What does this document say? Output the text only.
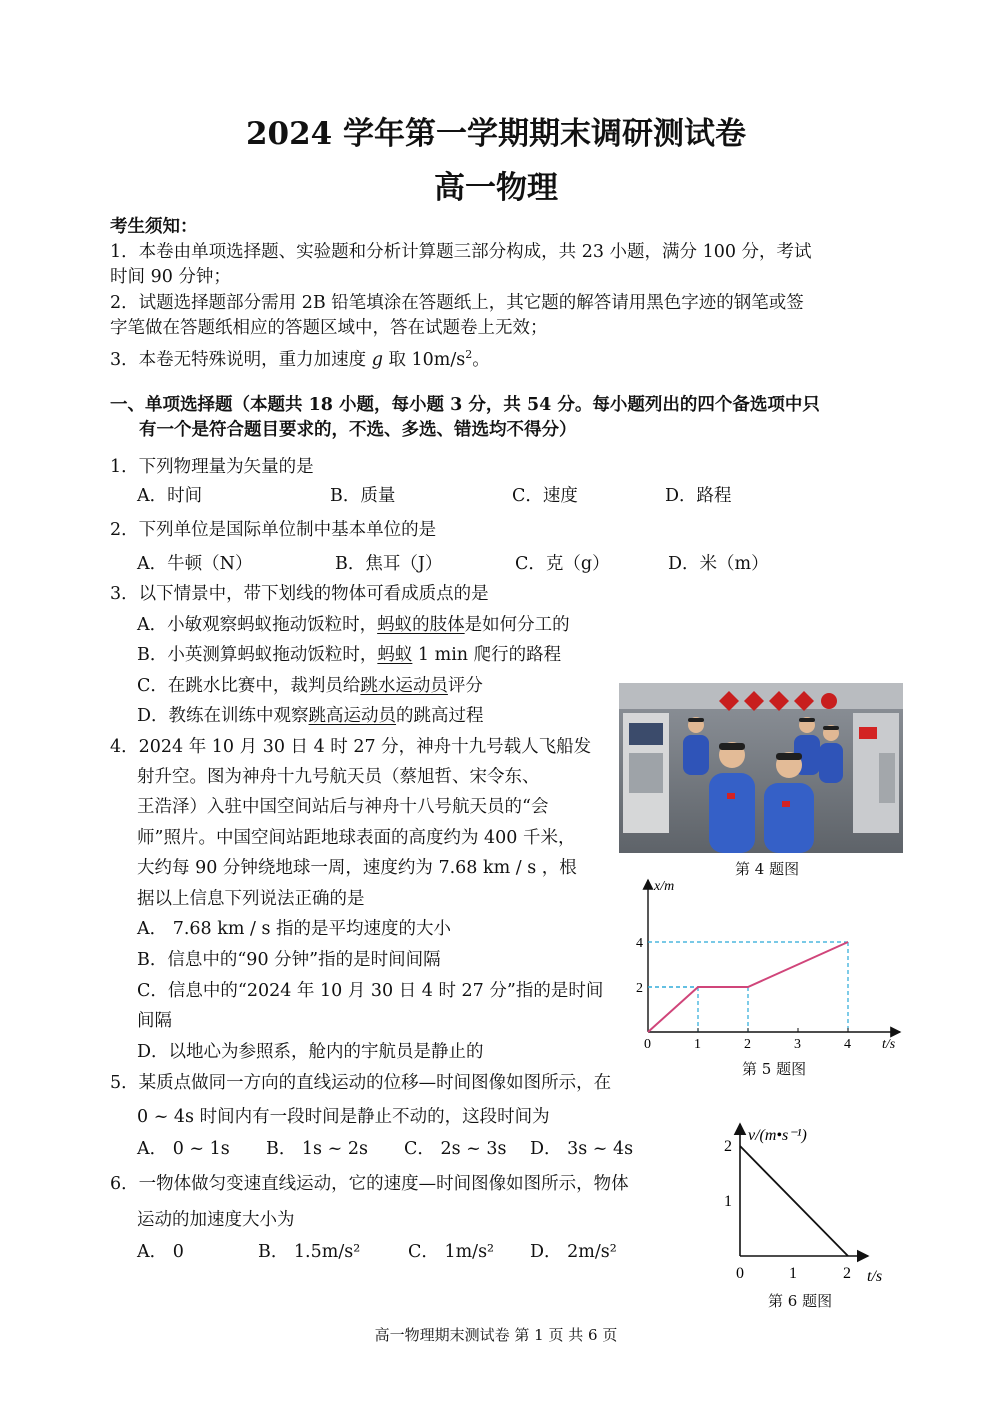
2024 学年第一学期期末调研测试卷
高一物理
考生须知：
1．本卷由单项选择题、实验题和分析计算题三部分构成，共 23 小题，满分 100 分，考试
时间 90 分钟；
2．试题选择题部分需用 2B 铅笔填涂在答题纸上，其它题的解答请用黑色字迹的钢笔或签
字笔做在答题纸相应的答题区域中，答在试题卷上无效；
3．本卷无特殊说明，重力加速度 g 取 $10m/s^2$。
一、单项选择题（本题共 18 小题，每小题 3 分，共 54 分。每小题列出的四个备选项中只
有一个是符合题目要求的，不选、多选、错选均不得分）
1．下列物理量为矢量的是
A．时间	B．质量	C．速度	D．路程
2．下列单位是国际单位制中基本单位的是
A．牛顿（N）	B．焦耳（J）	C．克（g）	D．米（m）
3．以下情景中，带下划线的物体可看成质点的是
A．小敏观察蚂蚁拖动饭粒时，蚂蚁的肢体是如何分工的
B．小英测算蚂蚁拖动饭粒时，蚂蚁 1 min 爬行的路程
C．在跳水比赛中，裁判员给跳水运动员评分
D．教练在训练中观察跳高运动员的跳高过程
第 4 题图
4．2024 年 10 月 30 日 4 时 27 分，神舟十九号载人飞船发
射升空。图为神舟十九号航天员（蔡旭哲、宋令东、
王浩泽）入驻中国空间站后与神舟十八号航天员的“会
师”照片。中国空间站距地球表面的高度约为 400 千米，
大约每 90 分钟绕地球一周，速度约为 7.68 km / s ，根
据以上信息下列说法正确的是
A． 7.68 km / s 指的是平均速度的大小
B．信息中的“90 分钟”指的是时间间隔
C．信息中的“2024 年 10 月 30 日 4 时 27 分”指的是时间
间隔
D．以地心为参照系，舱内的宇航员是静止的	0	1	2	3	4
2
4
x/m
t/s
第 5 题图
5．某质点做同一方向的直线运动的位移—时间图像如图所示，在
0 ~ 4s 时间内有一段时间是静止不动的，这段时间为
A． 0 ~ 1s B． 1s ~ 2s C． 2s ~ 3s D． 3s ~ 4s
0	1	2
1
2
v/(m•s⁻¹)
t/s
第 6 题图
6．一物体做匀变速直线运动，它的速度—时间图像如图所示，物体
运动的加速度大小为
A． 0	B． 1.5m/s²	C． 1m/s² D． 2m/s²
高一物理期末测试卷 第 1 页 共 6 页
